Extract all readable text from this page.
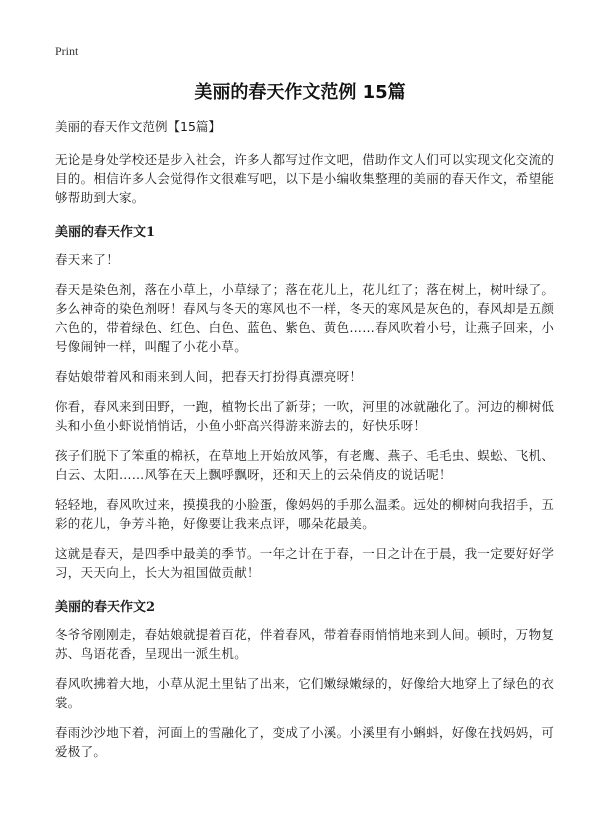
Print
美丽的春天作文范例 15篇

美丽的春天作文范例【15篇】

无论是身处学校还是步入社会，许多人都写过作文吧，借助作文人们可以实现文化交流的目的。相信许多人会觉得作文很难写吧，以下是小编收集整理的美丽的春天作文，希望能够帮助到大家。

美丽的春天作文1

春天来了！

春天是染色剂，落在小草上，小草绿了；落在花儿上，花儿红了；落在树上，树叶绿了。多么神奇的染色剂呀！春风与冬天的寒风也不一样，冬天的寒风是灰色的，春风却是五颜六色的，带着绿色、红色、白色、蓝色、紫色、黄色……春风吹着小号，让燕子回来，小号像闹钟一样，叫醒了小花小草。

春姑娘带着风和雨来到人间，把春天打扮得真漂亮呀！

你看，春风来到田野，一跑，植物长出了新芽；一吹，河里的冰就融化了。河边的柳树低头和小鱼小虾说悄悄话，小鱼小虾高兴得游来游去的，好快乐呀！

孩子们脱下了笨重的棉袄，在草地上开始放风筝，有老鹰、燕子、毛毛虫、蜈蚣、飞机、白云、太阳……风筝在天上飘呼飘呀，还和天上的云朵俏皮的说话呢！

轻轻地，春风吹过来，摸摸我的小脸蛋，像妈妈的手那么温柔。远处的柳树向我招手，五彩的花儿，争芳斗艳，好像要让我来点评，哪朵花最美。

这就是春天，是四季中最美的季节。一年之计在于春，一日之计在于晨，我一定要好好学习，天天向上，长大为祖国做贡献！

美丽的春天作文2

冬爷爷刚刚走，春姑娘就提着百花，伴着春风，带着春雨悄悄地来到人间。顿时，万物复苏、鸟语花香，呈现出一派生机。

春风吹拂着大地，小草从泥土里钻了出来，它们嫩绿嫩绿的，好像给大地穿上了绿色的衣裳。

春雨沙沙地下着，河面上的雪融化了，变成了小溪。小溪里有小蝌蚪，好像在找妈妈，可爱极了。
